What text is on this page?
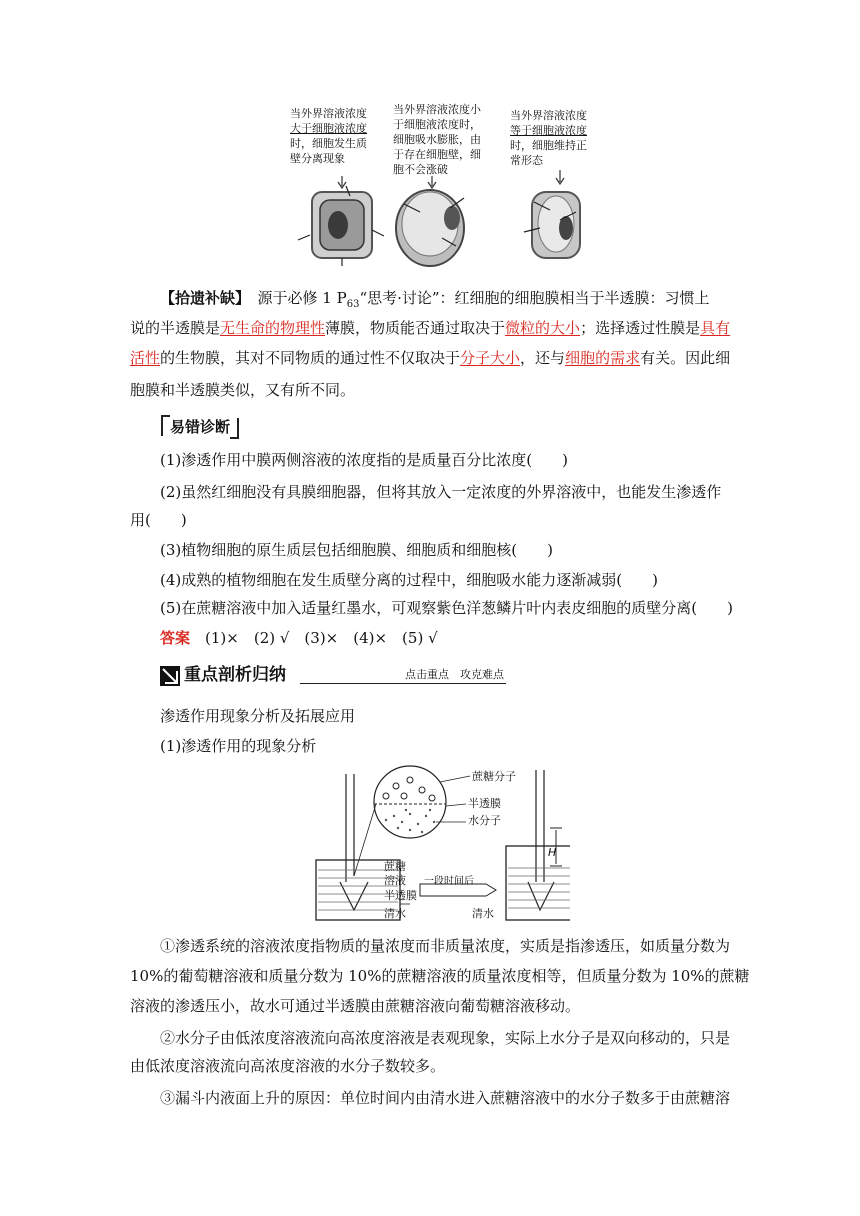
当外界溶液浓度
大于细胞液浓度
时，细胞发生质
壁分离现象
当外界溶液浓度小
于细胞液浓度时，
细胞吸水膨胀，由
于存在细胞壁，细
胞不会涨破
当外界溶液浓度
等于细胞液浓度
时，细胞维持正
常形态
【拾遗补缺】　 源于必修 1 $P_{63}“$思考·讨论”：红细胞的细胞膜相当于半透膜：习惯上
说的半透膜是无生命的物理性薄膜，物质能否通过取决于微粒的大小；选择透过性膜是具有
活性的生物膜，其对不同物质的通过性不仅取决于分子大小，还与细胞的需求有关。因此细
胞膜和半透膜类似，又有所不同。
易错诊断
(1)渗透作用中膜两侧溶液的浓度指的是质量百分比浓度(　　)
(2)虽然红细胞没有具膜细胞器，但将其放入一定浓度的外界溶液中，也能发生渗透作
用(　　)
(3)植物细胞的原生质层包括细胞膜、细胞质和细胞核(　　)
(4)成熟的植物细胞在发生质壁分离的过程中，细胞吸水能力逐渐减弱(　　)
(5)在蔗糖溶液中加入适量红墨水，可观察紫色洋葱鳞片叶内表皮细胞的质壁分离(　　)
答案　 (1)×　(2) √　(3)×　(4)×　(5) √
重点剖析归纳	点击重点　攻克难点
渗透作用现象分析及拓展应用
(1)渗透作用的现象分析
一段时间后
蔗糖分子
半透膜
水分子
蔗糖
溶液
半透膜
清水	清水
H
①渗透系统的溶液浓度指物质的量浓度而非质量浓度，实质是指渗透压，如质量分数为
10%的葡萄糖溶液和质量分数为 10%的蔗糖溶液的质量浓度相等，但质量分数为 10%的蔗糖
溶液的渗透压小，故水可通过半透膜由蔗糖溶液向葡萄糖溶液移动。
②水分子由低浓度溶液流向高浓度溶液是表观现象，实际上水分子是双向移动的，只是
由低浓度溶液流向高浓度溶液的水分子数较多。
③漏斗内液面上升的原因：单位时间内由清水进入蔗糖溶液中的水分子数多于由蔗糖溶
